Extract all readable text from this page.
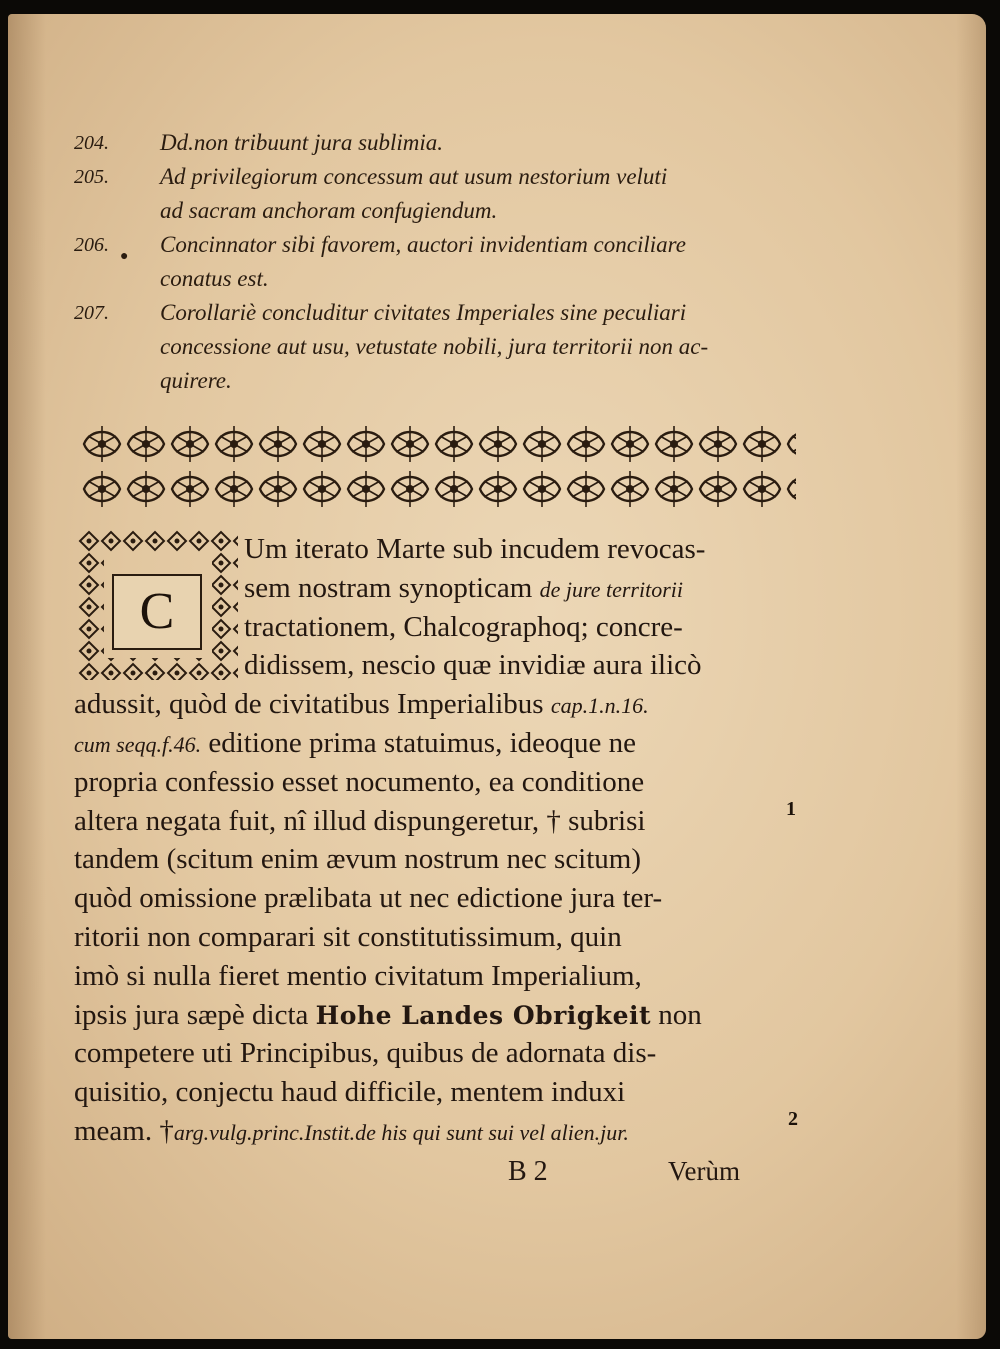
204.	Dd.non tribuunt jura sublimia.
205.	Ad privilegiorum concessum aut usum nestorium veluti
●
ad sacram anchoram confugiendum.
206.	Concinnator sibi favorem, auctori invidentiam conciliare
conatus est.
207.	Corollariè concluditur civitates Imperiales sine peculiari
concessione aut usu, vetustate nobili, jura territorii non ac-
quirere.
C
Um iterato Marte sub incudem revocas-
sem nostram synopticam de jure territorii
tractationem, Chalcographoq; concre-
didissem, nescio quæ invidiæ aura ilicò
adussit, quòd de civitatibus Imperialibus cap.1.n.16.
cum seqq.f.46. editione prima statuimus, ideoque ne
propria confessio esset nocumento, ea conditione
altera negata fuit, nî illud dispungeretur, † subrisi
tandem (scitum enim ævum nostrum nec scitum)
quòd omissione prælibata ut nec edictione jura ter-
ritorii non comparari sit constitutissimum, quin
imò si nulla fieret mentio civitatum Imperialium,
ipsis jura sæpè dicta Hohe Landes Obrigkeit non
competere uti Principibus, quibus de adornata dis-
quisitio, conjectu haud difficile, mentem induxi
meam. †arg.vulg.princ.Instit.de his qui sunt sui vel alien.jur.
1
2
B 2	Verùm
